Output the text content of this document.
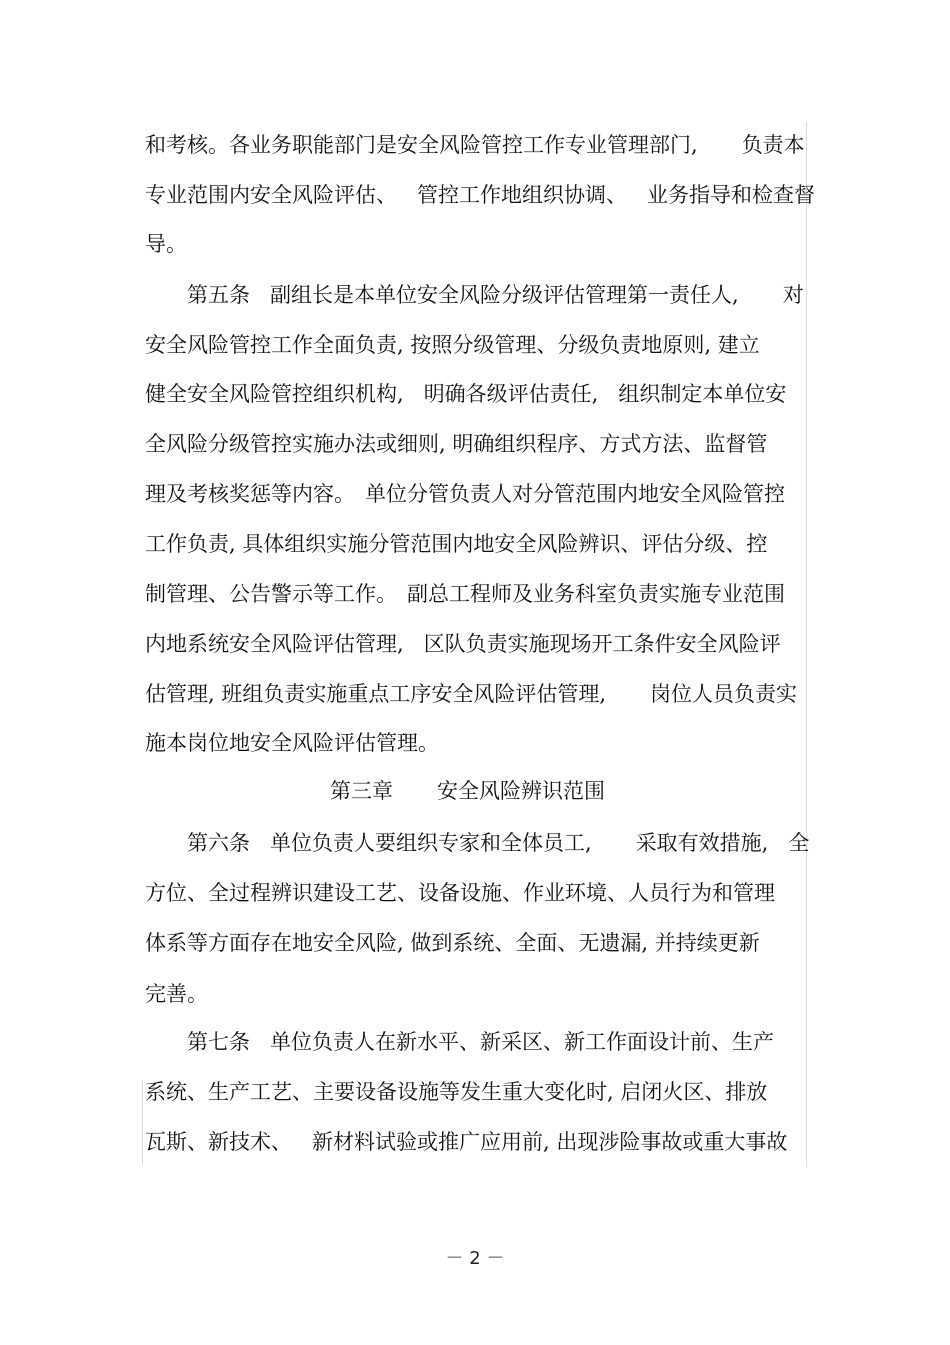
和考核。各业务职能部门是安全风险管控工作专业管理部门, 负责本
专业范围内安全风险评估、 管控工作地组织协调、 业务指导和检查督
导。
第五条 副组长是本单位安全风险分级评估管理第一责任人, 对
安全风险管控工作全面负责, 按照分级管理、分级负责地原则, 建立
健全安全风险管控组织机构, 明确各级评估责任, 组织制定本单位安
全风险分级管控实施办法或细则, 明确组织程序、方式方法、监督管
理及考核奖惩等内容。 单位分管负责人对分管范围内地安全风险管控
工作负责, 具体组织实施分管范围内地安全风险辨识、评估分级、控
制管理、公告警示等工作。 副总工程师及业务科室负责实施专业范围
内地系统安全风险评估管理, 区队负责实施现场开工条件安全风险评
估管理, 班组负责实施重点工序安全风险评估管理, 岗位人员负责实
施本岗位地安全风险评估管理。
第三章 安全风险辨识范围
第六条 单位负责人要组织专家和全体员工, 采取有效措施, 全
方位、全过程辨识建设工艺、设备设施、作业环境、人员行为和管理
体系等方面存在地安全风险, 做到系统、全面、无遗漏, 并持续更新
完善。
第七条 单位负责人在新水平、新采区、新工作面设计前、生产
系统、生产工艺、主要设备设施等发生重大变化时, 启闭火区、排放
瓦斯、新技术、 新材料试验或推广应用前, 出现涉险事故或重大事故
－ 2 －
